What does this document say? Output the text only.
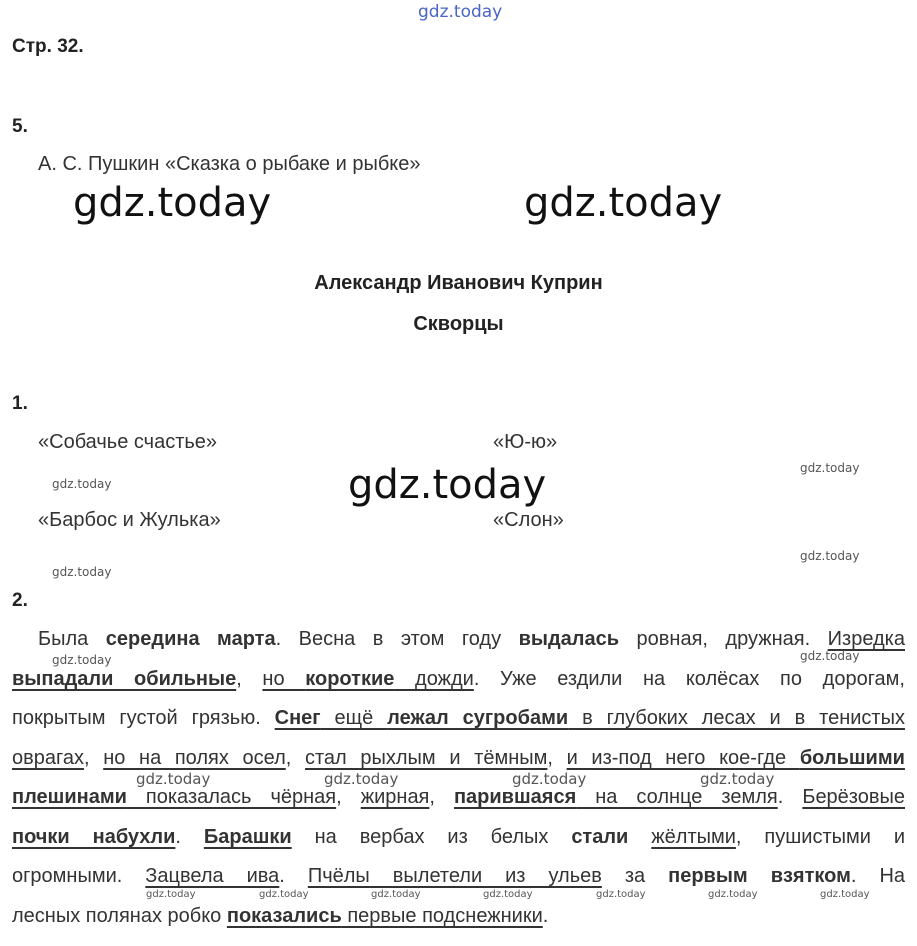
gdz.today
Стр. 32.
5.
А. С. Пушкин «Сказка о рыбаке и рыбке»
gdz.today	gdz.today
Александр Иванович Куприн
Скворцы
1.
«Собачье счастье»	«Ю-ю»
«Барбос и Жулька»	«Слон»
gdz.today	gdz.today
gdz.today
gdz.today
gdz.today
2.
Была середина марта. Весна в этом году выдалась ровная, дружная. Изредка
выпадали обильные, но короткие дожди. Уже ездили на колёсах по дорогам,
покрытым густой грязью. Снег ещё лежал сугробами в глубоких лесах и в тенистых
оврагах, но на полях осел, стал рыхлым и тёмным, и из-под него кое-где большими
плешинами показалась чёрная, жирная, парившаяся на солнце земля. Берёзовые
почки набухли. Барашки на вербах из белых стали жёлтыми, пушистыми и
огромными. Зацвела ива. Пчёлы вылетели из ульев за первым взятком. На
лесных полянах робко показались первые подснежники.
gdz.today	gdz.today
gdz.today	gdz.today	gdz.today	gdz.today
gdz.today	gdz.today	gdz.today	gdz.today	gdz.today	gdz.today	gdz.today
